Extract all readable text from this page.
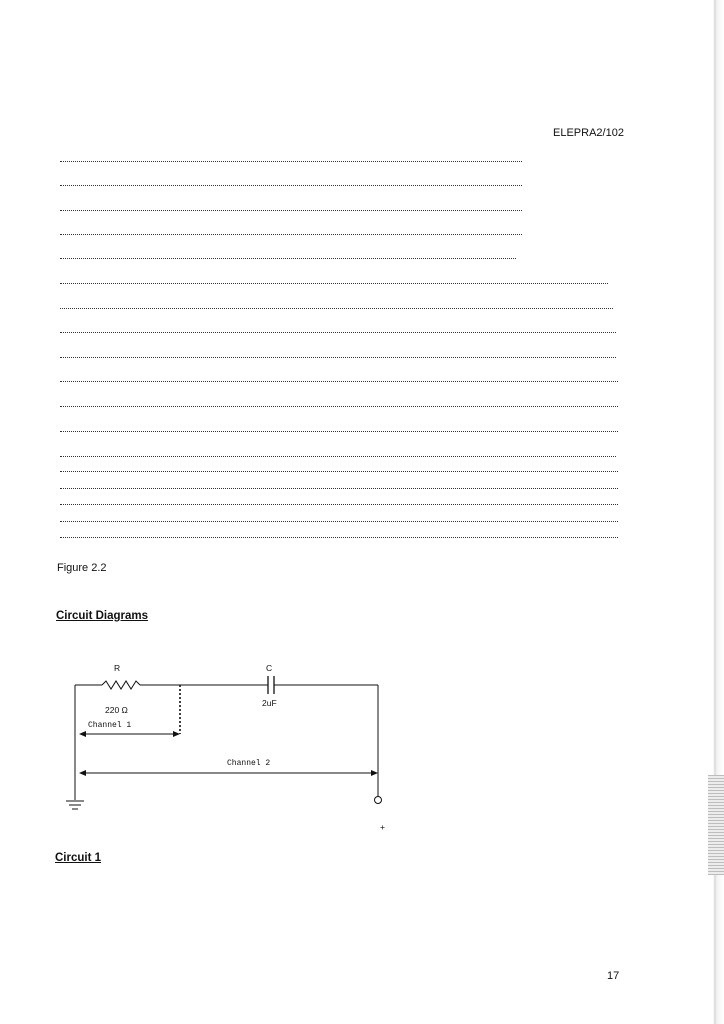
ELEPRA2/102
Figure 2.2
Circuit Diagrams
R
220 Ω
C
2uF
Channel 1
Channel 2
+
Circuit 1
17
